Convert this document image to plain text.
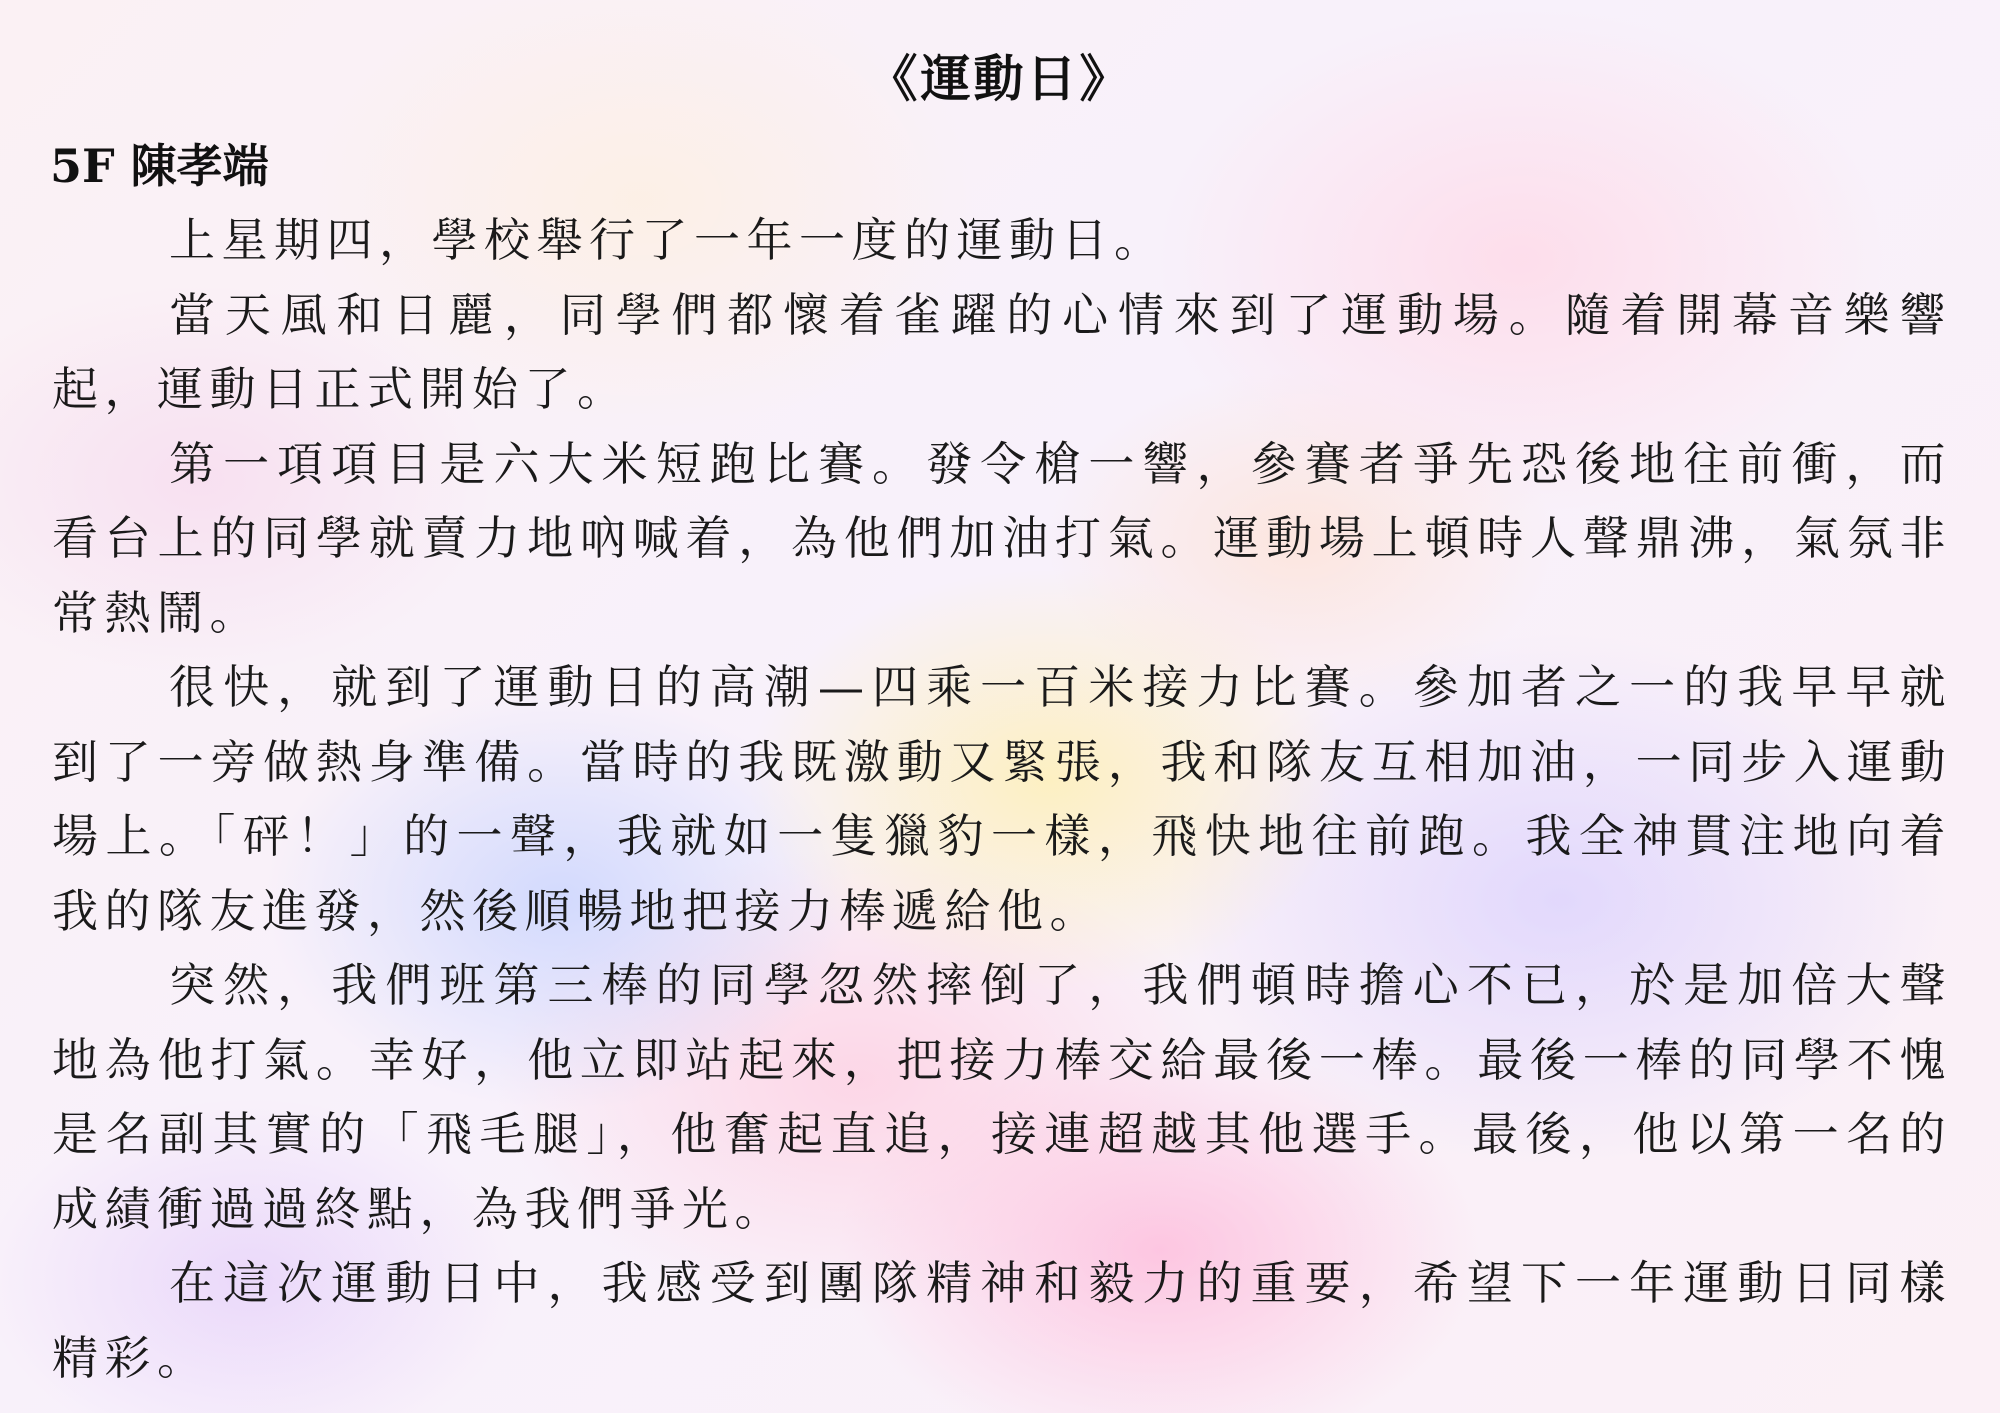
《運動日》
5F 陳孝端

上星期四，學校舉行了一年一度的運動日。

當天風和日麗，同學們都懷着雀躍的心情來到了運動場。隨着開幕音樂響起，運動日正式開始了。

第一項項目是六大米短跑比賽。發令槍一響，參賽者爭先恐後地往前衝，而看台上的同學就賣力地吶喊着，為他們加油打氣。運動場上頓時人聲鼎沸，氣氛非常熱鬧。

很快，就到了運動日的高潮—四乘一百米接力比賽。參加者之一的我早早就到了一旁做熱身準備。當時的我既激動又緊張，我和隊友互相加油，一同步入運動場上。「砰！」的一聲，我就如一隻獵豹一樣，飛快地往前跑。我全神貫注地向着我的隊友進發，然後順暢地把接力棒遞給他。

突然，我們班第三棒的同學忽然摔倒了，我們頓時擔心不已，於是加倍大聲地為他打氣。幸好，他立即站起來，把接力棒交給最後一棒。最後一棒的同學不愧是名副其實的「飛毛腿」，他奮起直追，接連超越其他選手。最後，他以第一名的成績衝過過終點，為我們爭光。

在這次運動日中，我感受到團隊精神和毅力的重要，希望下一年運動日同樣精彩。
